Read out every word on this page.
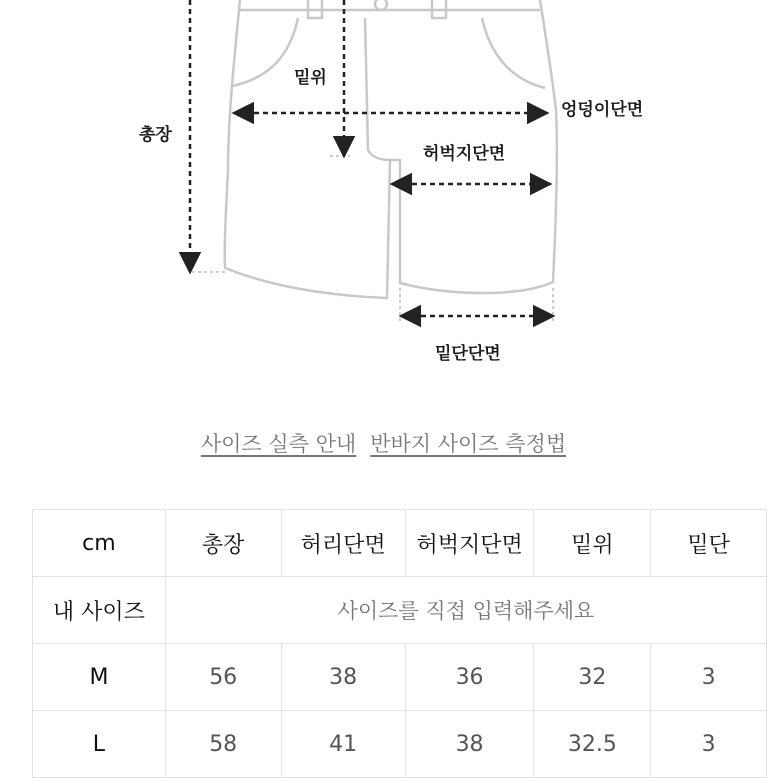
밑위
엉덩이단면
총장
허벅지단면
밑단단면
사이즈 실측 안내 반바지 사이즈 측정법
cm	총장	허리단면	허벅지단면	밑위	밑단
내 사이즈	사이즈를 직접 입력해주세요				
M	56	38	36	32	3
L	58	41	38	32.5	3
